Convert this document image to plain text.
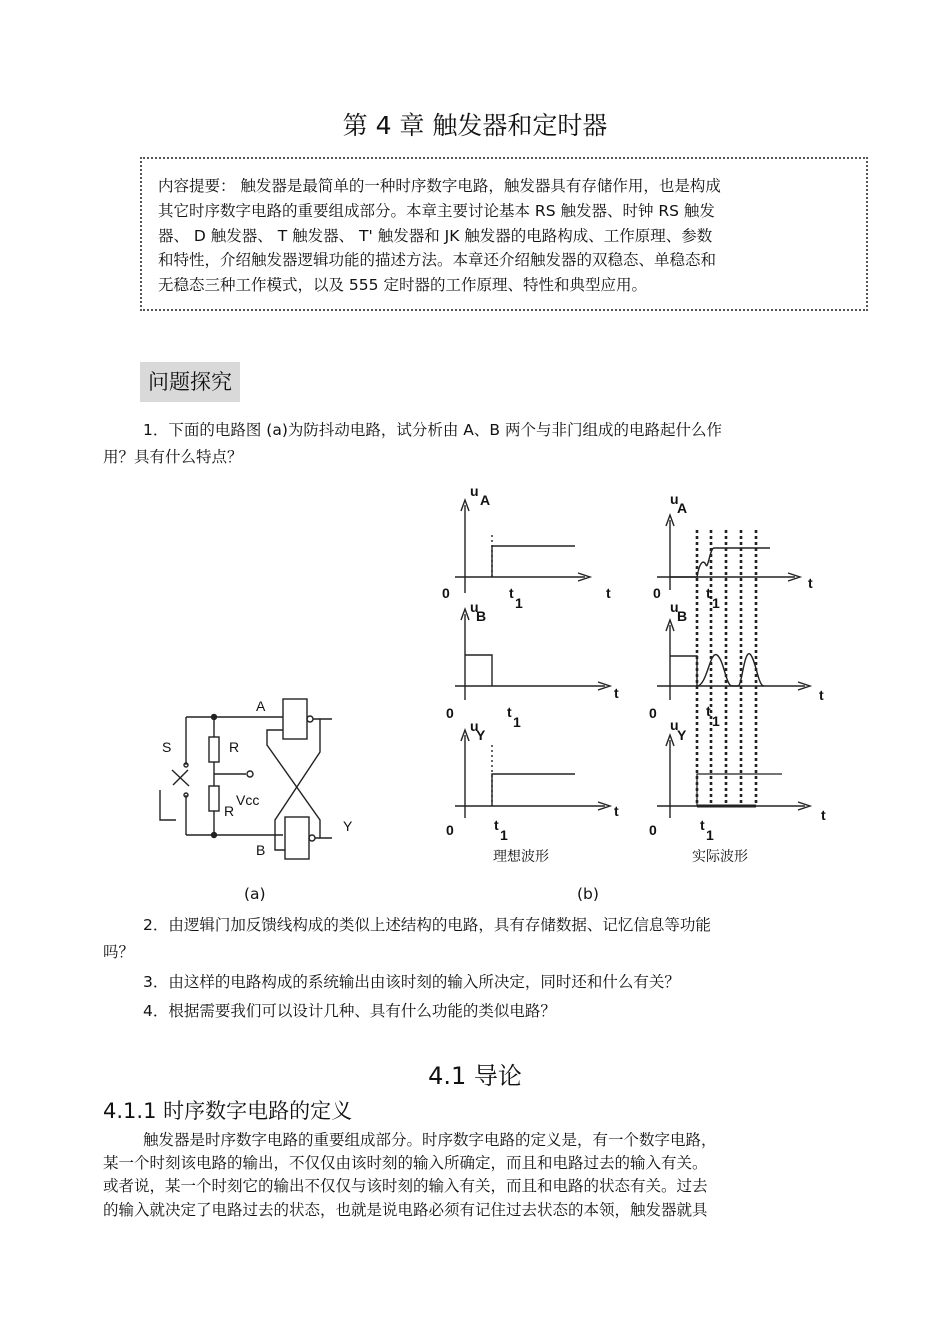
第 4 章 触发器和定时器
内容提要： 触发器是最简单的一种时序数字电路，触发器具有存储作用，也是构成
其它时序数字电路的重要组成部分。本章主要讨论基本 RS 触发器、时钟 RS 触发
器、 D 触发器、 T 触发器、 T' 触发器和 JK 触发器的电路构成、工作原理、参数
和特性，介绍触发器逻辑功能的描述方法。本章还介绍触发器的双稳态、单稳态和
无稳态三种工作模式，以及 555 定时器的工作原理、特性和典型应用。
问题探究
1．下面的电路图 (a)为防抖动电路，试分析由 A、B 两个与非门组成的电路起什么作
用？具有什么特点？
S	R
R
Vcc
A
B
Y
u
A
0	t
1
t
u
B
0	t
1
t
u
Y
0	t
1
t
u
A
0	t
1
t
u
B
0	t
1
t
u
Y
0	t
1
t
理想波形	实际波形
(a)	(b)
2．由逻辑门加反馈线构成的类似上述结构的电路，具有存储数据、记忆信息等功能
吗？
3．由这样的电路构成的系统输出由该时刻的输入所决定，同时还和什么有关？
4．根据需要我们可以设计几种、具有什么功能的类似电路？
4.1 导论
4.1.1 时序数字电路的定义
触发器是时序数字电路的重要组成部分。时序数字电路的定义是，有一个数字电路，
某一个时刻该电路的输出，不仅仅由该时刻的输入所确定，而且和电路过去的输入有关。
或者说，某一个时刻它的输出不仅仅与该时刻的输入有关，而且和电路的状态有关。过去
的输入就决定了电路过去的状态，也就是说电路必须有记住过去状态的本领，触发器就具
